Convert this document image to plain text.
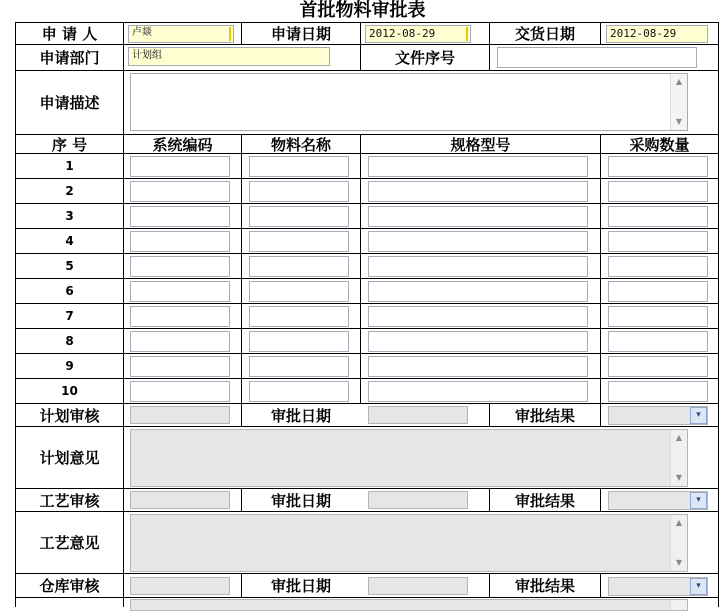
首批物料审批表
申 请 人	卢燚	申请日期	2012-08-29	交货日期	2012-08-29
申请部门	计划组	文件序号
申请描述
▲
▼
序 号	系统编码	物料名称	规格型号	采购数量
1
2
3
4
5
6
7
8
9
10
计划审核	审批日期	审批结果	▾
计划意见
▲
▼
工艺审核	审批日期	审批结果	▾
工艺意见
▲
▼
仓库审核	审批日期	审批结果	▾
